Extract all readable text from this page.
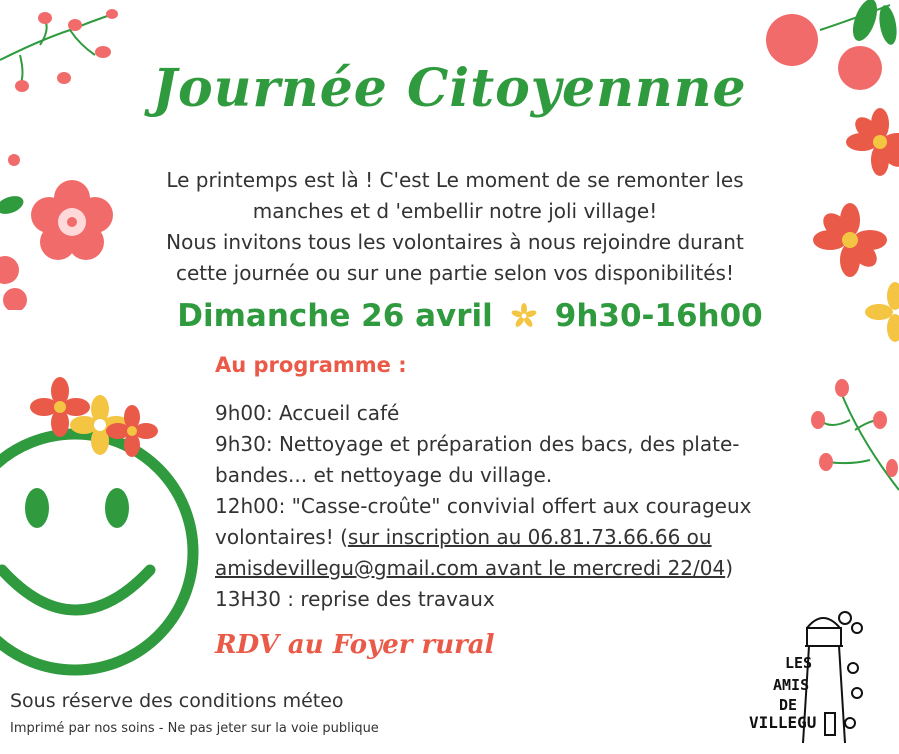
Journée Citoyennne
Le printemps est là ! C'est Le moment de se remonter les
manches et d 'embellir notre joli village!
Nous invitons tous les volontaires à nous rejoindre durant
cette journée ou sur une partie selon vos disponibilités!
Dimanche 26 avril 9h30-16h00
Au programme :
9h00: Accueil café
9h30: Nettoyage et préparation des bacs, des plate-
bandes... et nettoyage du village.
12h00: "Casse-croûte" convivial offert aux courageux
volontaires! (sur inscription au 06.81.73.66.66 ou
amisdevillegu@gmail.com avant le mercredi 22/04)
13H30 : reprise des travaux
RDV au Foyer rural
Sous réserve des conditions méteo
Imprimé par nos soins - Ne pas jeter sur la voie publique
LES
AMIS
DE
VILLEGU
